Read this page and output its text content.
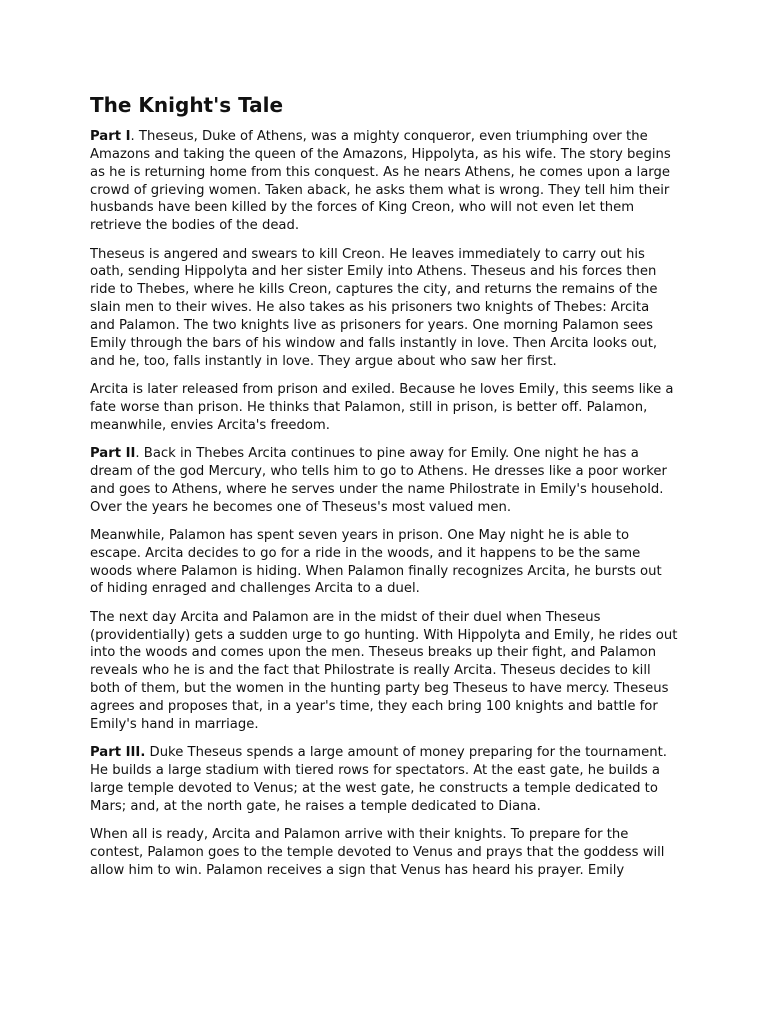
The Knight's Tale

Part I. Theseus, Duke of Athens, was a mighty conqueror, even triumphing over the Amazons and taking the queen of the Amazons, Hippolyta, as his wife. The story begins as he is returning home from this conquest. As he nears Athens, he comes upon a large crowd of grieving women. Taken aback, he asks them what is wrong. They tell him their husbands have been killed by the forces of King Creon, who will not even let them retrieve the bodies of the dead.

Theseus is angered and swears to kill Creon. He leaves immediately to carry out his oath, sending Hippolyta and her sister Emily into Athens. Theseus and his forces then ride to Thebes, where he kills Creon, captures the city, and returns the remains of the slain men to their wives. He also takes as his prisoners two knights of Thebes: Arcita and Palamon. The two knights live as prisoners for years. One morning Palamon sees Emily through the bars of his window and falls instantly in love. Then Arcita looks out, and he, too, falls instantly in love. They argue about who saw her first.

Arcita is later released from prison and exiled. Because he loves Emily, this seems like a fate worse than prison. He thinks that Palamon, still in prison, is better off. Palamon, meanwhile, envies Arcita's freedom.

Part II. Back in Thebes Arcita continues to pine away for Emily. One night he has a dream of the god Mercury, who tells him to go to Athens. He dresses like a poor worker and goes to Athens, where he serves under the name Philostrate in Emily's household. Over the years he becomes one of Theseus's most valued men.

Meanwhile, Palamon has spent seven years in prison. One May night he is able to escape. Arcita decides to go for a ride in the woods, and it happens to be the same woods where Palamon is hiding. When Palamon finally recognizes Arcita, he bursts out of hiding enraged and challenges Arcita to a duel.

The next day Arcita and Palamon are in the midst of their duel when Theseus (providentially) gets a sudden urge to go hunting. With Hippolyta and Emily, he rides out into the woods and comes upon the men. Theseus breaks up their fight, and Palamon reveals who he is and the fact that Philostrate is really Arcita. Theseus decides to kill both of them, but the women in the hunting party beg Theseus to have mercy. Theseus agrees and proposes that, in a year's time, they each bring 100 knights and battle for Emily's hand in marriage.

Part III. Duke Theseus spends a large amount of money preparing for the tournament. He builds a large stadium with tiered rows for spectators. At the east gate, he builds a large temple devoted to Venus; at the west gate, he constructs a temple dedicated to Mars; and, at the north gate, he raises a temple dedicated to Diana.

When all is ready, Arcita and Palamon arrive with their knights. To prepare for the contest, Palamon goes to the temple devoted to Venus and prays that the goddess will allow him to win. Palamon receives a sign that Venus has heard his prayer. Emily
